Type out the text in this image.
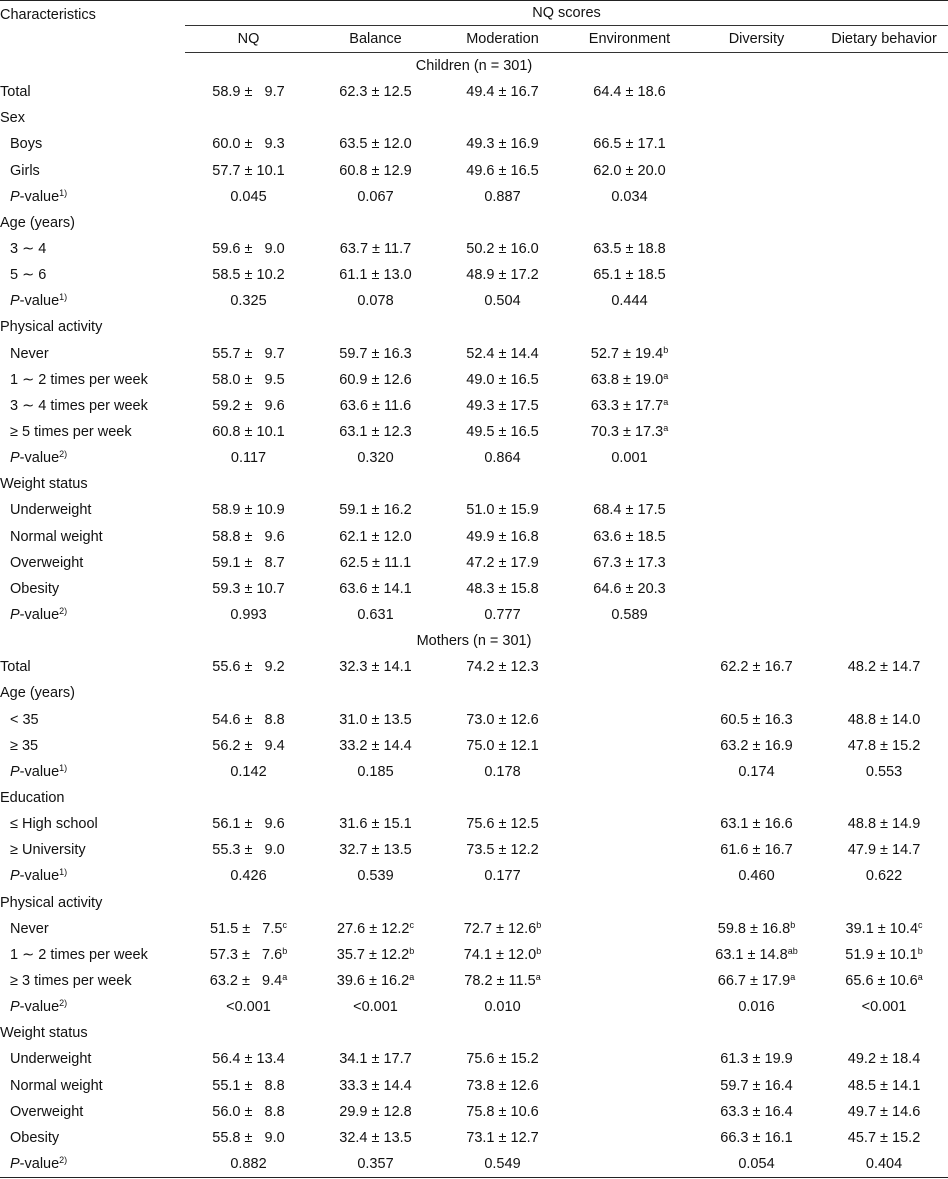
Characteristics	NQ scores					
	NQ	Balance	Moderation	Environment	Diversity	Dietary behavior
Children (n = 301)						
Total	58.9 ±   9.7	62.3 ± 12.5	49.4 ± 16.7	64.4 ± 18.6		
Sex						
Boys	60.0 ±   9.3	63.5 ± 12.0	49.3 ± 16.9	66.5 ± 17.1		
Girls	57.7 ± 10.1	60.8 ± 12.9	49.6 ± 16.5	62.0 ± 20.0		
P-value$^{1)}$	0.045	0.067	0.887	0.034		
Age (years)						
3 ∼ 4	59.6 ±   9.0	63.7 ± 11.7	50.2 ± 16.0	63.5 ± 18.8		
5 ∼ 6	58.5 ± 10.2	61.1 ± 13.0	48.9 ± 17.2	65.1 ± 18.5		
P-value$^{1)}$	0.325	0.078	0.504	0.444		
Physical activity						
Never	55.7 ±   9.7	59.7 ± 16.3	52.4 ± 14.4	52.7 ± 19.4$^b$		
1 ∼ 2 times per week	58.0 ±   9.5	60.9 ± 12.6	49.0 ± 16.5	63.8 ± 19.0$^a$		
3 ∼ 4 times per week	59.2 ±   9.6	63.6 ± 11.6	49.3 ± 17.5	63.3 ± 17.7$^a$		
≥ 5 times per week	60.8 ± 10.1	63.1 ± 12.3	49.5 ± 16.5	70.3 ± 17.3$^a$		
P-value$^{2)}$	0.117	0.320	0.864	0.001		
Weight status						
Underweight	58.9 ± 10.9	59.1 ± 16.2	51.0 ± 15.9	68.4 ± 17.5		
Normal weight	58.8 ±   9.6	62.1 ± 12.0	49.9 ± 16.8	63.6 ± 18.5		
Overweight	59.1 ±   8.7	62.5 ± 11.1	47.2 ± 17.9	67.3 ± 17.3		
Obesity	59.3 ± 10.7	63.6 ± 14.1	48.3 ± 15.8	64.6 ± 20.3		
P-value$^{2)}$	0.993	0.631	0.777	0.589		
Mothers (n = 301)						
Total	55.6 ±   9.2	32.3 ± 14.1	74.2 ± 12.3		62.2 ± 16.7	48.2 ± 14.7
Age (years)						
< 35	54.6 ±   8.8	31.0 ± 13.5	73.0 ± 12.6		60.5 ± 16.3	48.8 ± 14.0
≥ 35	56.2 ±   9.4	33.2 ± 14.4	75.0 ± 12.1		63.2 ± 16.9	47.8 ± 15.2
P-value$^{1)}$	0.142	0.185	0.178		0.174	0.553
Education						
≤ High school	56.1 ±   9.6	31.6 ± 15.1	75.6 ± 12.5		63.1 ± 16.6	48.8 ± 14.9
≥ University	55.3 ±   9.0	32.7 ± 13.5	73.5 ± 12.2		61.6 ± 16.7	47.9 ± 14.7
P-value$^{1)}$	0.426	0.539	0.177		0.460	0.622
Physical activity						
Never	51.5 ±   7.5$^c$	27.6 ± 12.2$^c$	72.7 ± 12.6$^b$		59.8 ± 16.8$^b$	39.1 ± 10.4$^c$
1 ∼ 2 times per week	57.3 ±   7.6$^b$	35.7 ± 12.2$^b$	74.1 ± 12.0$^b$		63.1 ± 14.8$^{ab}$	51.9 ± 10.1$^b$
≥ 3 times per week	63.2 ±   9.4$^a$	39.6 ± 16.2$^a$	78.2 ± 11.5$^a$		66.7 ± 17.9$^a$	65.6 ± 10.6$^a$
P-value$^{2)}$	<0.001	<0.001	0.010		0.016	<0.001
Weight status						
Underweight	56.4 ± 13.4	34.1 ± 17.7	75.6 ± 15.2		61.3 ± 19.9	49.2 ± 18.4
Normal weight	55.1 ±   8.8	33.3 ± 14.4	73.8 ± 12.6		59.7 ± 16.4	48.5 ± 14.1
Overweight	56.0 ±   8.8	29.9 ± 12.8	75.8 ± 10.6		63.3 ± 16.4	49.7 ± 14.6
Obesity	55.8 ±   9.0	32.4 ± 13.5	73.1 ± 12.7		66.3 ± 16.1	45.7 ± 15.2
P-value$^{2)}$	0.882	0.357	0.549		0.054	0.404
